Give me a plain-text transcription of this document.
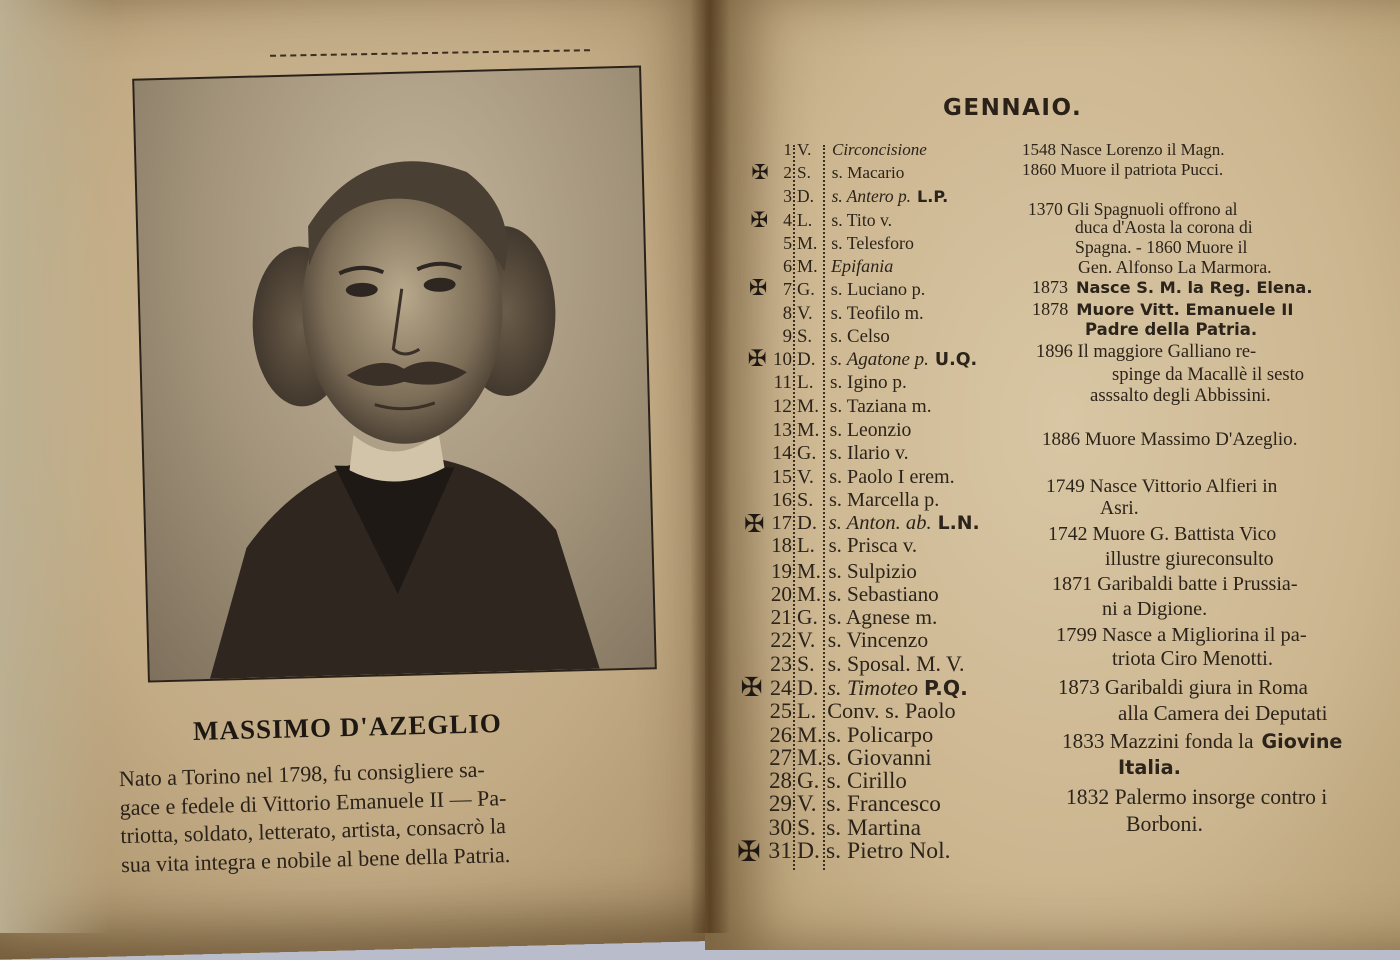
MASSIMO D'AZEGLIO
Nato a Torino nel 1798, fu consigliere sa-
gace e fedele di Vittorio Emanuele II — Pa-
triotta, soldato, letterato, artista, consacrò la
sua vita integra e nobile al bene della Patria.
GENNAIO.
1 V. Circoncisione
2 S. s. Macario
✠
3 D. s. Antero p. L.P.
4 L. s. Tito v.
✠
5 M. s. Telesforo
6 M. Epifania
7 G. s. Luciano p.
✠
8 V. s. Teofilo m.
9 S. s. Celso
10 D. s. Agatone p. U.Q.
✠
11 L. s. Igino p.
12 M. s. Taziana m.
13 M. s. Leonzio
14 G. s. Ilario v.
15 V. s. Paolo I erem.
16 S. s. Marcella p.
17 D. s. Anton. ab. L.N.
✠
18 L. s. Prisca v.
19 M. s. Sulpizio
20 M. s. Sebastiano
21 G. s. Agnese m.
22 V. s. Vincenzo
23 S. s. Sposal. M. V.
24 D. s. Timoteo P.Q.
✠
25 L. Conv. s. Paolo
26 M. s. Policarpo
27 M. s. Giovanni
28 G. s. Cirillo
29 V. s. Francesco
30 S. s. Martina
31 D. s. Pietro Nol.
✠
1548 Nasce Lorenzo il Magn.
1860 Muore il patriota Pucci.
1370 Gli Spagnuoli offrono al
duca d'Aosta la corona di
Spagna. - 1860 Muore il
Gen. Alfonso La Marmora.
1873 Nasce S. M. la Reg. Elena.
1878 Muore Vitt. Emanuele II
Padre della Patria.
1896 Il maggiore Galliano re-
spinge da Macallè il sesto
asssalto degli Abbissini.
1886 Muore Massimo D'Azeglio.
1749 Nasce Vittorio Alfieri in
Asri.
1742 Muore G. Battista Vico
illustre giureconsulto
1871 Garibaldi batte i Prussia-
ni a Digione.
1799 Nasce a Migliorina il pa-
triota Ciro Menotti.
1873 Garibaldi giura in Roma
alla Camera dei Deputati
1833 Mazzini fonda la Giovine
Italia.
1832 Palermo insorge contro i
Borboni.
